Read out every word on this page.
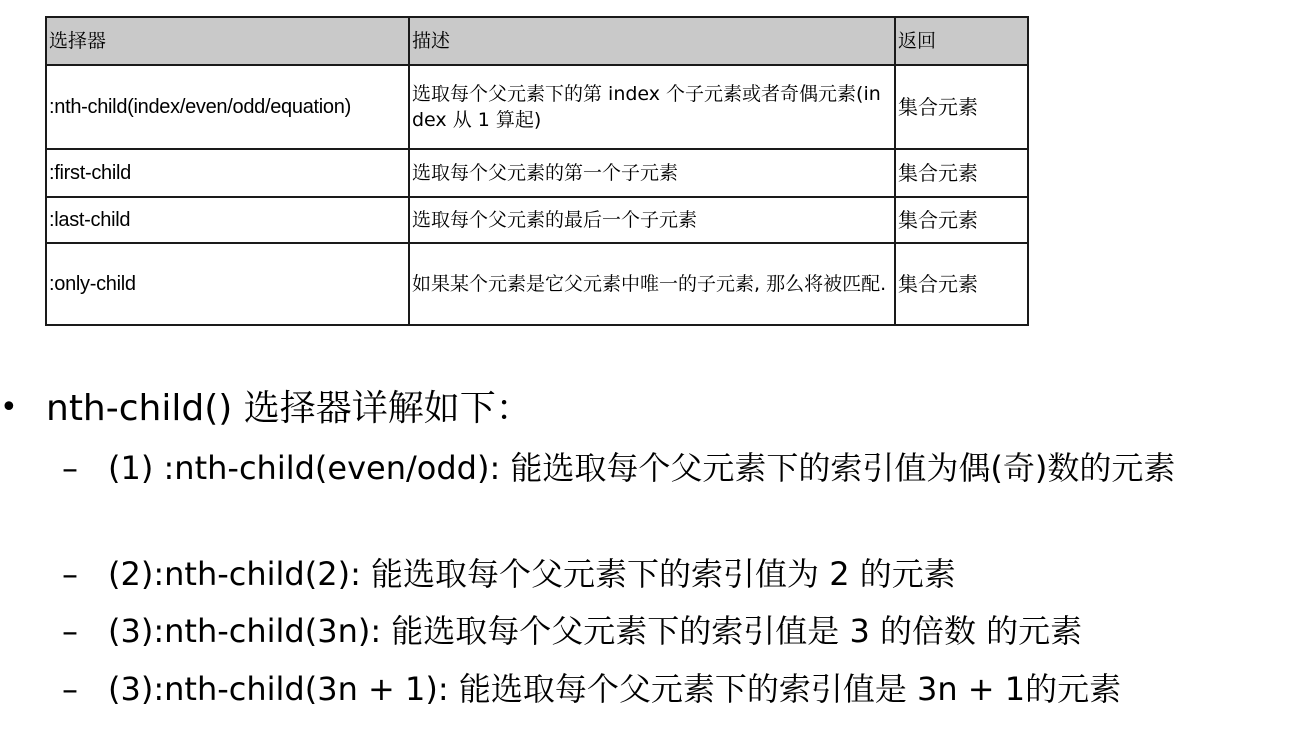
选择器	描述	返回
:nth-child(index/even/odd/equation)	选取每个父元素下的第 index 个子元素或者奇偶元素(index 从 1 算起)	集合元素
:first-child	选取每个父元素的第一个子元素	集合元素
:last-child	选取每个父元素的最后一个子元素	集合元素
:only-child	如果某个元素是它父元素中唯一的子元素, 那么将被匹配.	集合元素
• nth-child() 选择器详解如下：
– (1) :nth-child(even/odd): 能选取每个父元素下的索引值为偶(奇)数的元素
– (2):nth-child(2): 能选取每个父元素下的索引值为 2 的元素
– (3):nth-child(3n): 能选取每个父元素下的索引值是 3 的倍数 的元素
– (3):nth-child(3n + 1): 能选取每个父元素下的索引值是 3n + 1的元素
